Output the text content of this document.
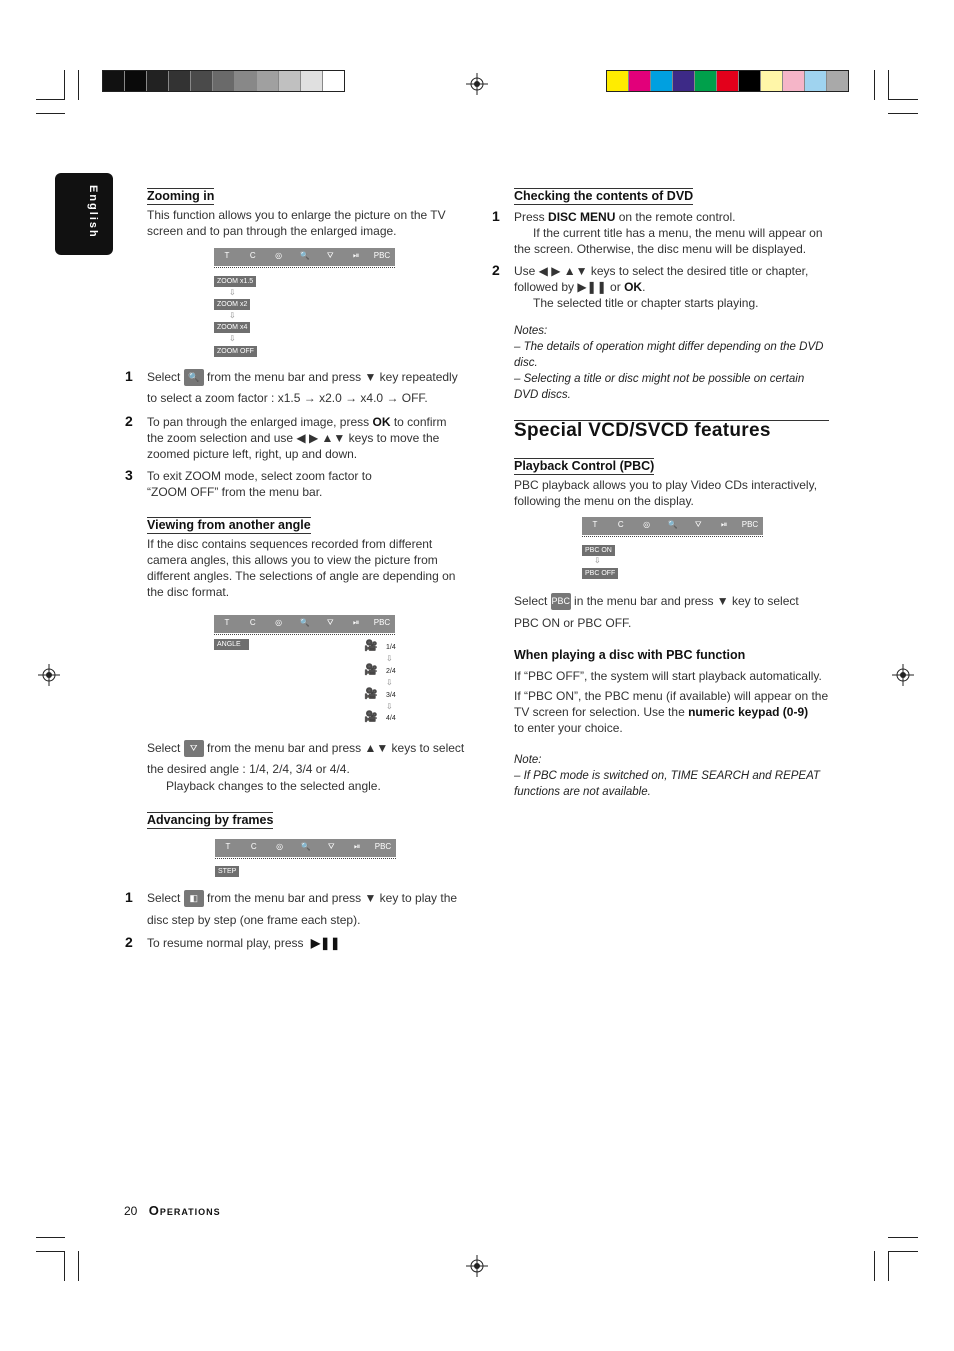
English	Zooming in
This function allows you to enlarge the picture on the TV screen and to pan through the enlarged image.
T	C	◎	🔍	⛛	⏯	PBC
ZOOM x1.5
⇩
ZOOM x2
⇩
ZOOM x4
⇩
ZOOM OFF
1 Select 🔍 from the menu bar and press ▼ key repeatedly
to select a zoom factor : x1.5 → x2.0 → x4.0 → OFF.
2 To pan through the enlarged image, press OK to confirm
the zoom selection and use ◀ ▶ ▲▼ keys to move the
zoomed picture left, right, up and down.
3 To exit ZOOM mode, select zoom factor to
“ZOOM OFF” from the menu bar.
Viewing from another angle
If the disc contains sequences recorded from different camera angles, this allows you to view the picture from different angles. The selections of angle are depending on the disc format.
T	C	◎	🔍	⛛	⏯	PBC
ANGLE	🎥 1/4
⇩
🎥 2/4
⇩
🎥 3/4
⇩
🎥 4/4
Select ⛛ from the menu bar and press ▲▼ keys to select
the desired angle : 1/4, 2/4, 3/4 or 4/4.
Playback changes to the selected angle.
Advancing by frames
T	C	◎	🔍	⛛	⏯	PBC
STEP
1 Select ◧ from the menu bar and press ▼ key to play the
disc step by step (one frame each step).
2 To resume normal play, press ▶❚❚
Checking the contents of DVD
1 Press DISC MENU on the remote control.
If the current title has a menu, the menu will appear on
the screen. Otherwise, the disc menu will be displayed.
2 Use ◀ ▶ ▲▼ keys to select the desired title or chapter,
followed by ▶❚❚ or OK.
The selected title or chapter starts playing.
Notes:
– The details of operation might differ depending on the DVD
disc.
– Selecting a title or disc might not be possible on certain
DVD discs.
Special VCD/SVCD features
Playback Control (PBC)
PBC playback allows you to play Video CDs interactively, following the menu on the display.
T	C	◎	🔍	⛛	⏯	PBC
PBC ON
⇩
PBC OFF
Select PBC in the menu bar and press ▼ key to select
PBC ON or PBC OFF.
When playing a disc with PBC function
If “PBC OFF”, the system will start playback automatically.
If “PBC ON”, the PBC menu (if available) will appear on the
TV screen for selection. Use the numeric keypad (0-9)
to enter your choice.
Note:
– If PBC mode is switched on, TIME SEARCH and REPEAT
functions are not available.
20 Operations
